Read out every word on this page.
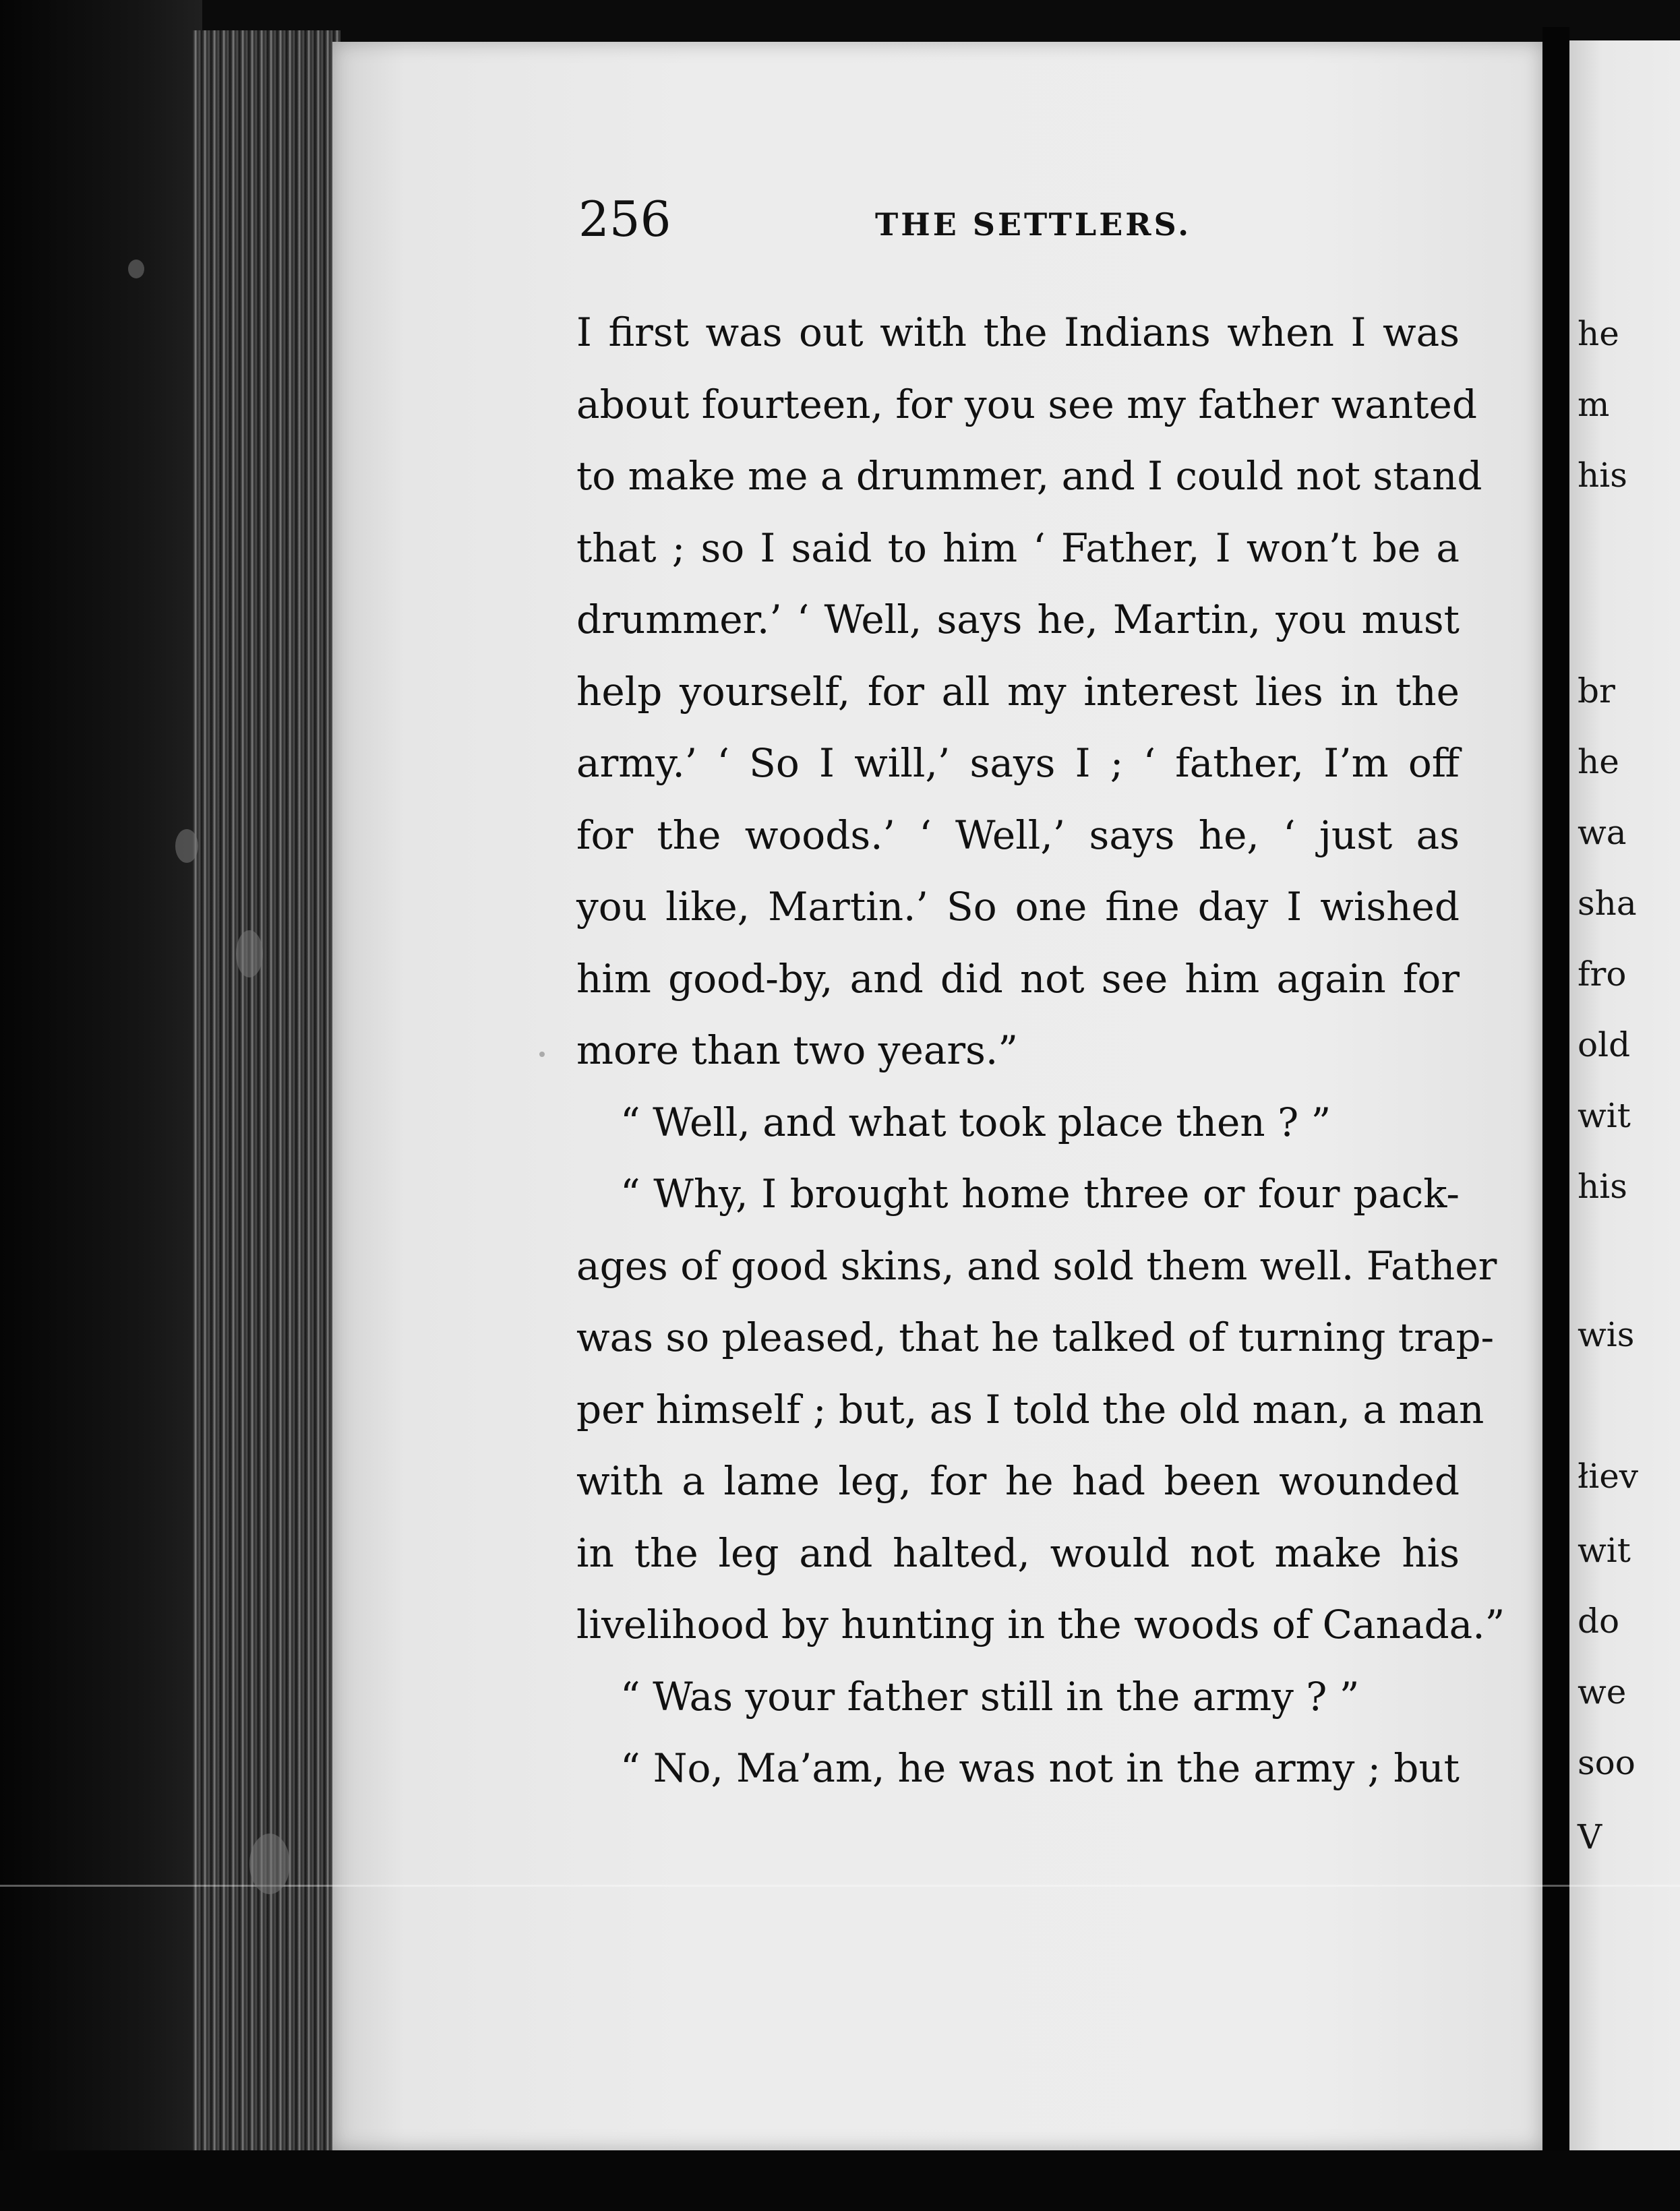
he
m
his
br
he
wa
sha
fro
old
wit
his
wis
łiev
wit
do
we
soo
V
256	THE SETTLERS.
I first was out with the Indians when I was
about fourteen, for you see my father wanted
to make me a drummer, and I could not stand
that ; so I said to him ‘ Father, I won’t be a
drummer.’ ‘ Well, says he, Martin, you must
help yourself, for all my interest lies in the
army.’ ‘ So I will,’ says I ; ‘ father, I’m off
for the woods.’ ‘ Well,’ says he, ‘ just as
you like, Martin.’ So one fine day I wished
him good-by, and did not see him again for
more than two years.”
“ Well, and what took place then ? ”
“ Why, I brought home three or four pack-
ages of good skins, and sold them well. Father
was so pleased, that he talked of turning trap-
per himself ; but, as I told the old man, a man
with a lame leg, for he had been wounded
in the leg and halted, would not make his
livelihood by hunting in the woods of Canada.”
“ Was your father still in the army ? ”
“ No, Ma’am, he was not in the army ; but
